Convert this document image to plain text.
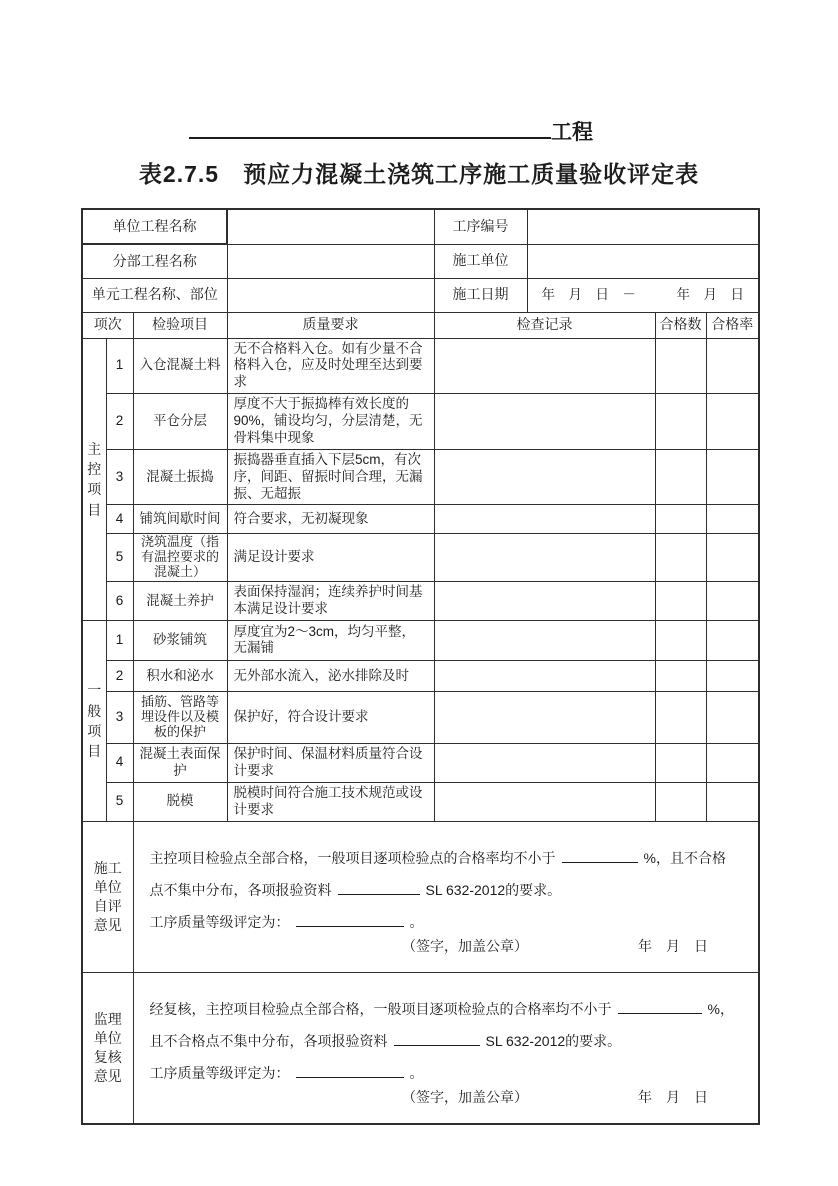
工程
表2.7.5　预应力混凝土浇筑工序施工质量验收评定表
单位工程名称		工序编号	
分部工程名称		施工单位	
单元工程名称、部位		施工日期	年　月　日　－　　　年　月　日
项次		检验项目	质量要求	检查记录	合格数	合格率

主控项目	1	入仓混凝土料	无不合格料入仓。如有少量不合格料入仓，应及时处理至达到要求			
	2	平仓分层	厚度不大于振捣棒有效长度的90%，铺设均匀，分层清楚，无骨料集中现象			
	3	混凝土振捣	振捣器垂直插入下层5cm，有次序，间距、留振时间合理，无漏振、无超振			
	4	铺筑间歇时间	符合要求，无初凝现象			
	5	浇筑温度（指有温控要求的混凝土）	满足设计要求			
	6	混凝土养护	表面保持湿润；连续养护时间基本满足设计要求			

一般项目	1	砂浆铺筑	厚度宜为2～3cm，均匀平整，无漏铺			
	2	积水和泌水	无外部水流入，泌水排除及时			
	3	插筋、管路等埋设件以及模板的保护	保护好，符合设计要求			
	4	混凝土表面保护	保护时间、保温材料质量符合设计要求			
	5	脱模	脱模时间符合施工技术规范或设计要求			
施工单位自评意见	主控项目检验点全部合格，一般项目逐项检验点的合格率均不小于 %，且不合格点不集中分布，各项报验资料 SL 632-2012的要求。

工序质量等级评定为： 。

（签字，加盖公章） 年　月　日

监理单位复核意见	经复核，主控项目检验点全部合格，一般项目逐项检验点的合格率均不小于 %，且不合格点不集中分布，各项报验资料 SL 632-2012的要求。

工序质量等级评定为： 。

（签字，加盖公章） 年　月　日
